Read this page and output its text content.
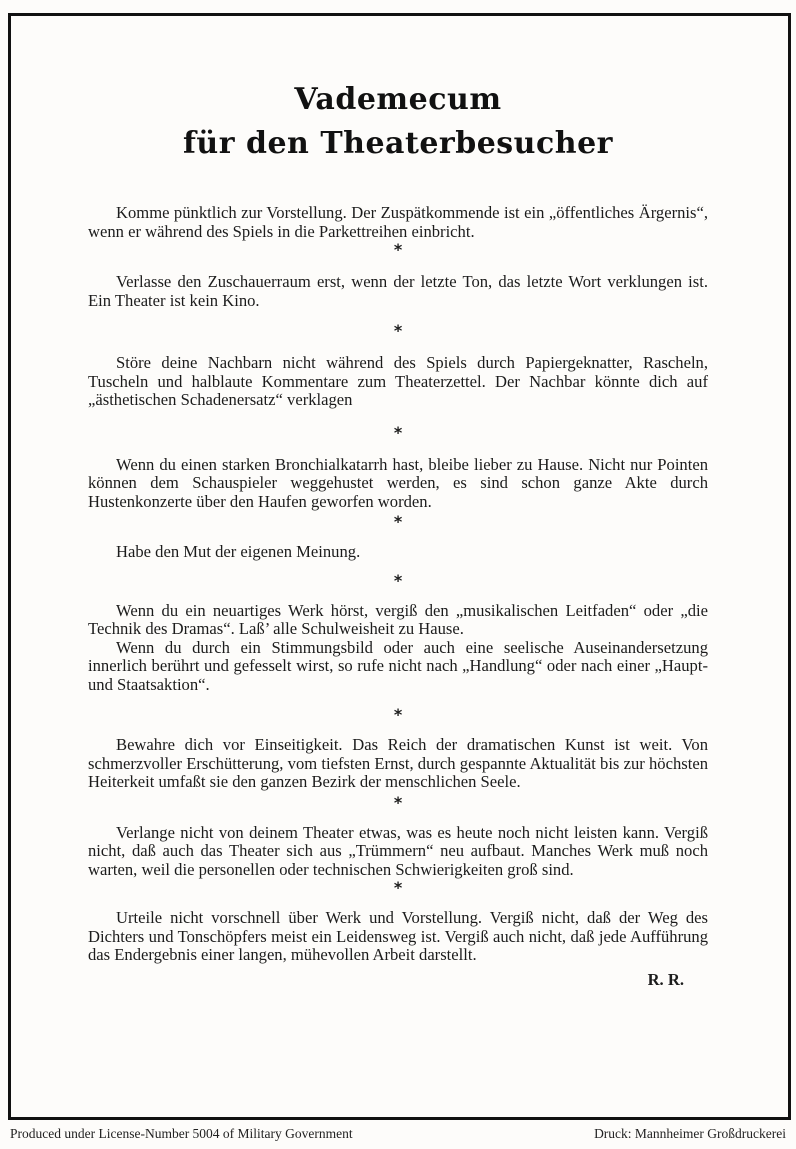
Vademecum
für den Theaterbesucher

Komme pünktlich zur Vorstellung. Der Zuspätkommende ist ein „öffentliches Ärgernis“, wenn er während des Spiels in die Parkettreihen einbricht.

*

Verlasse den Zuschauerraum erst, wenn der letzte Ton, das letzte Wort verklungen ist. Ein Theater ist kein Kino.

*

Störe deine Nachbarn nicht während des Spiels durch Papiergeknatter, Rascheln, Tuscheln und halblaute Kommentare zum Theaterzettel. Der Nachbar könnte dich auf „ästhetischen Schadenersatz“ verklagen

*

Wenn du einen starken Bronchialkatarrh hast, bleibe lieber zu Hause. Nicht nur Pointen können dem Schauspieler weggehustet werden, es sind schon ganze Akte durch Hustenkonzerte über den Haufen geworfen worden.

*

Habe den Mut der eigenen Meinung.

*

Wenn du ein neuartiges Werk hörst, vergiß den „musikalischen Leitfaden“ oder „die Technik des Dramas“. Laß’ alle Schulweisheit zu Hause.

Wenn du durch ein Stimmungsbild oder auch eine seelische Auseinandersetzung innerlich berührt und gefesselt wirst, so rufe nicht nach „Handlung“ oder nach einer „Haupt- und Staatsaktion“.

*

Bewahre dich vor Einseitigkeit. Das Reich der dramatischen Kunst ist weit. Von schmerzvoller Erschütterung, vom tiefsten Ernst, durch gespannte Aktualität bis zur höchsten Heiterkeit umfaßt sie den ganzen Bezirk der menschlichen Seele.

*

Verlange nicht von deinem Theater etwas, was es heute noch nicht leisten kann. Vergiß nicht, daß auch das Theater sich aus „Trümmern“ neu aufbaut. Manches Werk muß noch warten, weil die personellen oder technischen Schwierigkeiten groß sind.

*

Urteile nicht vorschnell über Werk und Vorstellung. Vergiß nicht, daß der Weg des Dichters und Tonschöpfers meist ein Leidensweg ist. Vergiß auch nicht, daß jede Aufführung das Endergebnis einer langen, mühevollen Arbeit darstellt.

R. R.
Produced under License-Number 5004 of Military Government	Druck: Mannheimer Großdruckerei
